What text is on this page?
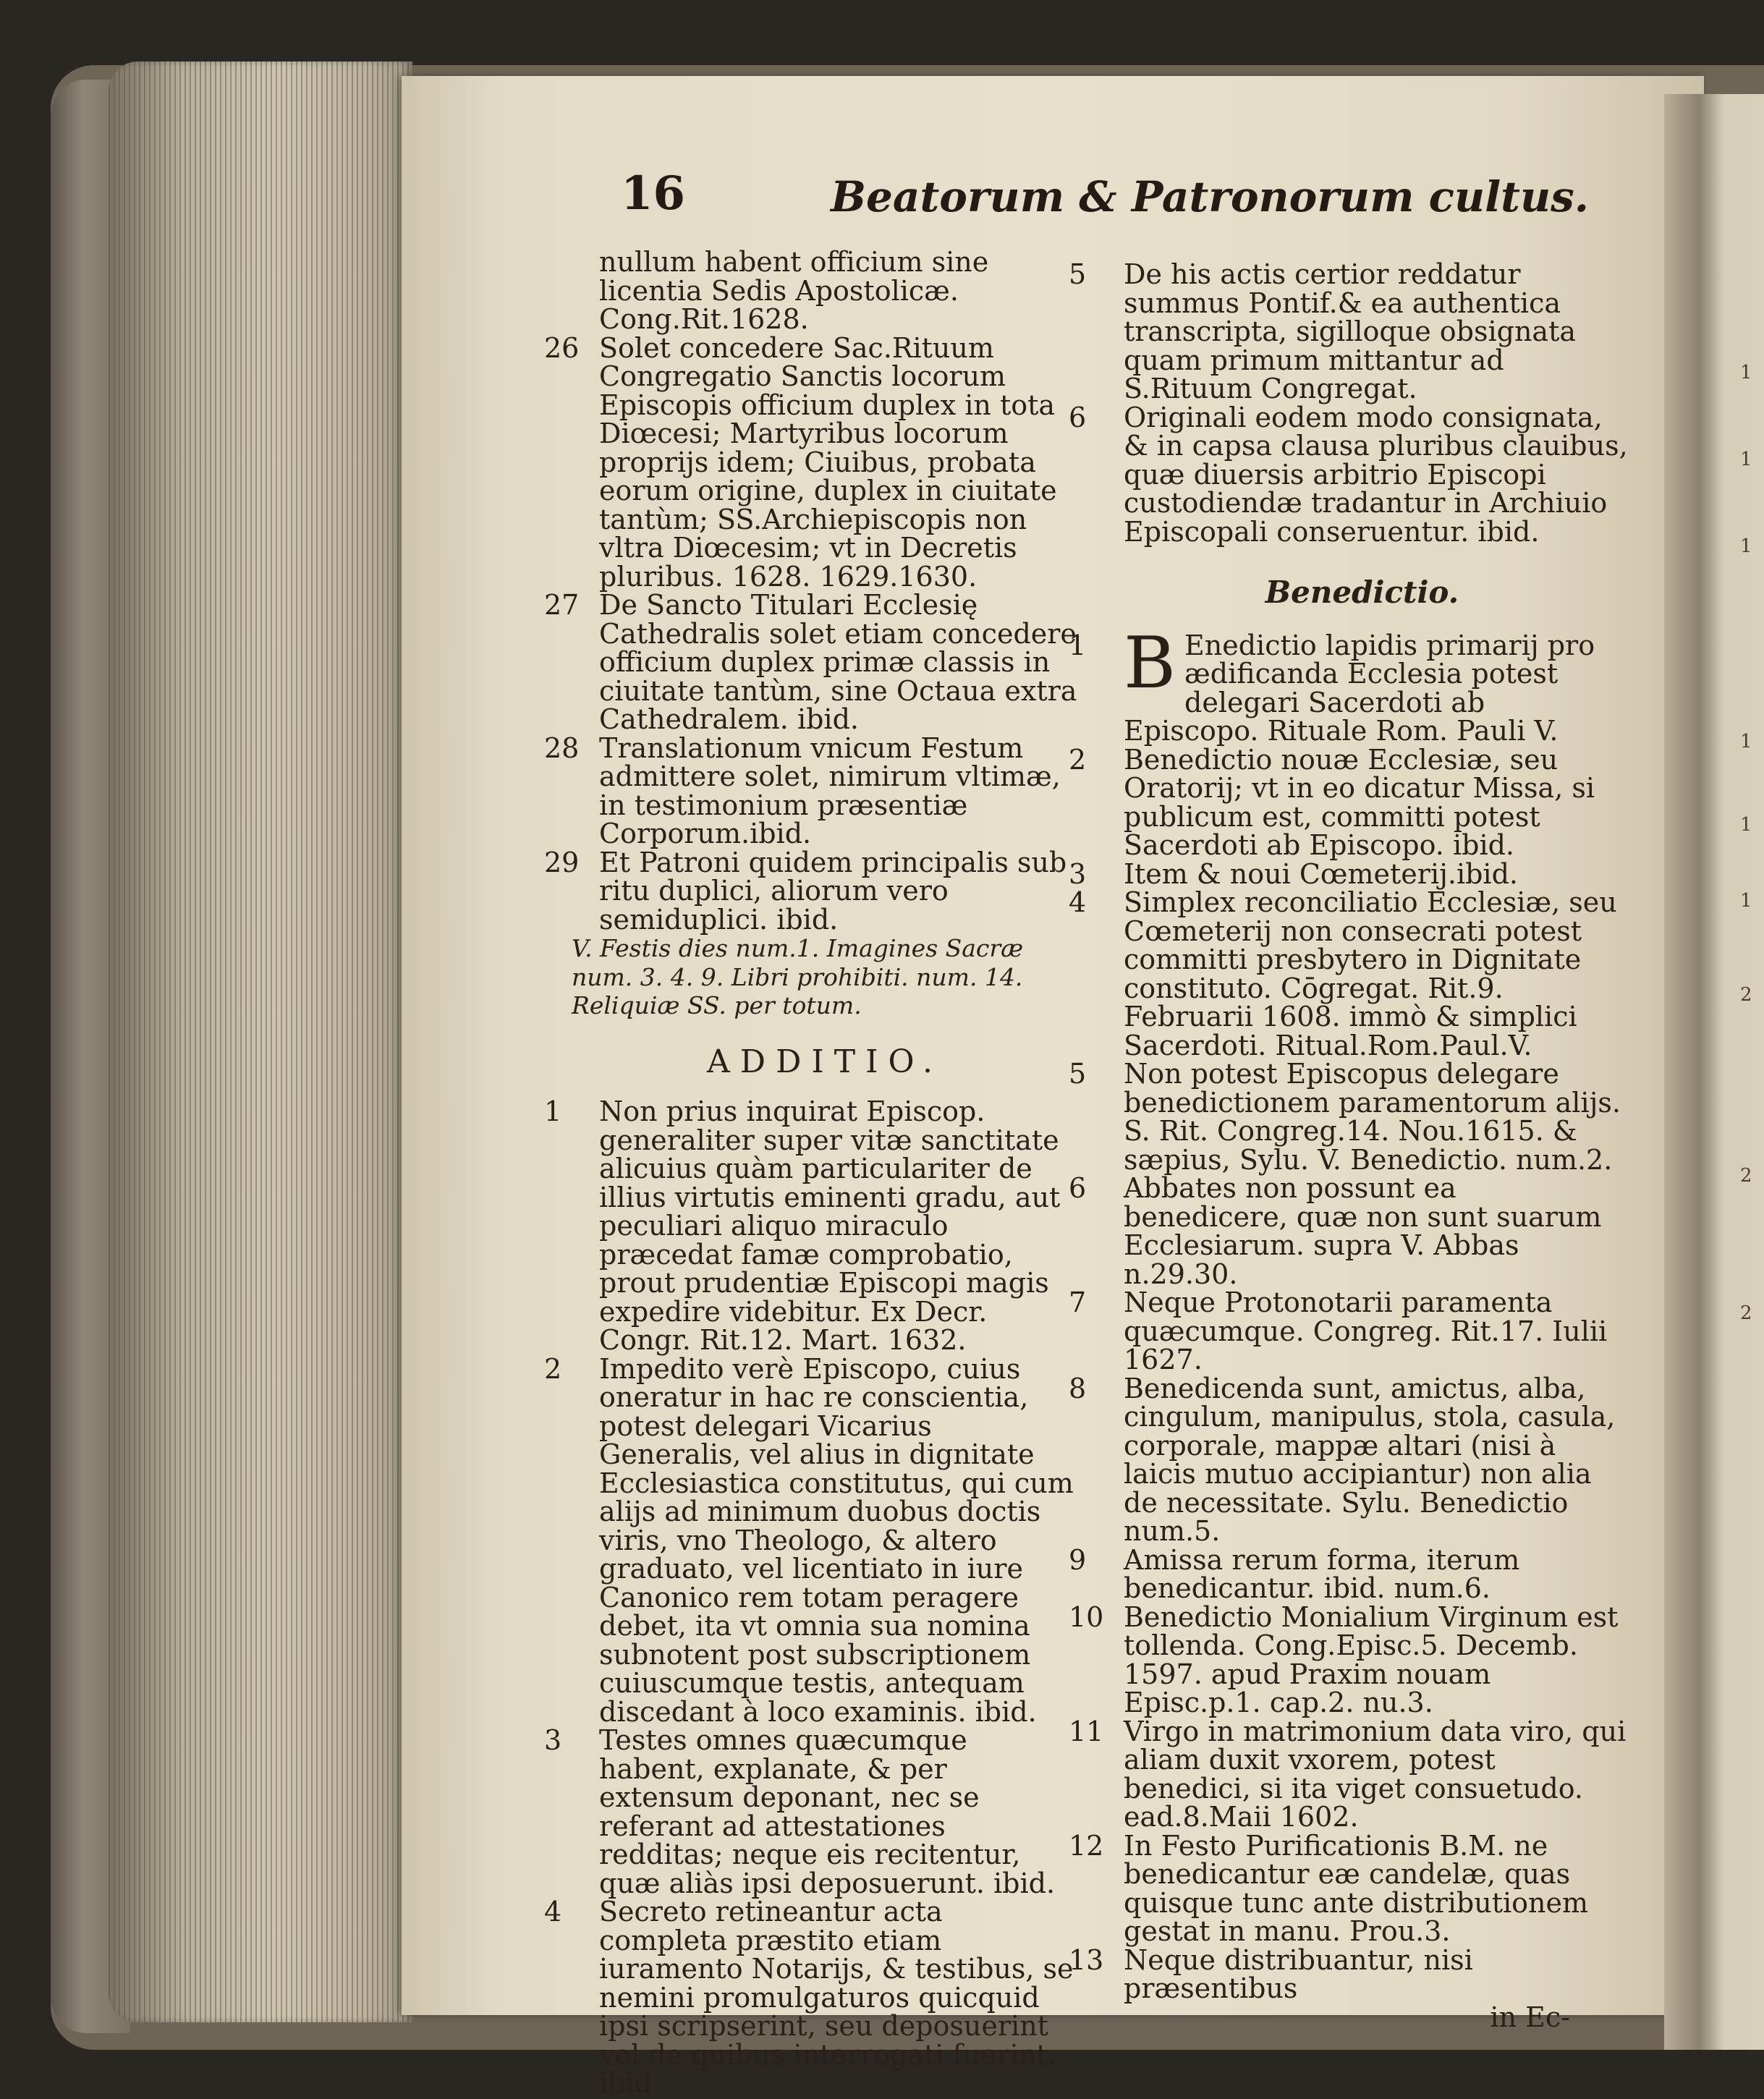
1
1
1
1
1
1
2
2
2
16	Beatorum & Patronorum cultus.

nullum habent officium sine licentia Sedis Apostolicæ. Cong.Rit.1628.

26 Solet concedere Sac.Rituum Congregatio Sanctis locorum Episcopis officium duplex in tota Diœcesi; Martyribus locorum proprijs idem; Ciuibus, probata eorum origine, duplex in ciuitate tantùm; SS.Archiepiscopis non vltra Diœcesim; vt in Decretis pluribus. 1628. 1629.1630.

27 De Sancto Titulari Ecclesię Cathedralis solet etiam concedere officium duplex primæ classis in ciuitate tantùm, sine Octaua extra Cathedralem. ibid.

28 Translationum vnicum Festum admittere solet, nimirum vltimæ, in testimonium præsentiæ Corporum.ibid.

29 Et Patroni quidem principalis sub ritu duplici, aliorum vero semiduplici. ibid.

V. Festis dies num.1. Imagines Sacræ num. 3. 4. 9. Libri prohibiti. num. 14. Reliquiæ SS. per totum.

ADDITIO.

1	Non prius inquirat Episcop. generaliter super vitæ sanctitate alicuius quàm particulariter de illius virtutis eminenti gradu, aut peculiari aliquo miraculo præcedat famæ comprobatio, prout prudentiæ Episcopi magis expedire videbitur. Ex Decr. Congr. Rit.12. Mart. 1632.

2	Impedito verè Episcopo, cuius oneratur in hac re conscientia, potest delegari Vicarius Generalis, vel alius in dignitate Ecclesiastica constitutus, qui cum alijs ad minimum duobus doctis viris, vno Theologo, & altero graduato, vel licentiato in iure Canonico rem totam peragere debet, ita vt omnia sua nomina subnotent post subscriptionem cuiuscumque testis, antequam discedant à loco examinis. ibid.

3	Testes omnes quæcumque habent, explanate, & per extensum deponant, nec se referant ad attestationes redditas; neque eis recitentur, quæ aliàs ipsi deposuerunt. ibid.

4	Secreto retineantur acta completa præstito etiam iuramento Notarijs, & testibus, se nemini promulgaturos quicquid ipsi scripserint, seu deposuerint vel de quibus interrogati fuerint. ibid.

5	De his actis certior reddatur summus Pontif.& ea authentica transcripta, sigilloque obsignata quam primum mittantur ad S.Rituum Congregat.

6	Originali eodem modo consignata, & in capsa clausa pluribus clauibus, quæ diuersis arbitrio Episcopi custodiendæ tradantur in Archiuio Episcopali conseruentur. ibid.

Benedictio.

1 B Enedictio lapidis primarij pro ædificanda Ecclesia potest delegari Sacerdoti ab Episcopo. Rituale Rom. Pauli V.

2	Benedictio nouæ Ecclesiæ, seu Oratorij; vt in eo dicatur Missa, si publicum est, committi potest Sacerdoti ab Episcopo. ibid.

3	Item & noui Cœmeterij.ibid.

4	Simplex reconciliatio Ecclesiæ, seu Cœmeterij non consecrati potest committi presbytero in Dignitate constituto. Cōgregat. Rit.9. Februarii 1608. immò & simplici Sacerdoti. Ritual.Rom.Paul.V.

5	Non potest Episcopus delegare benedictionem paramentorum alijs. S. Rit. Congreg.14. Nou.1615. & sæpius, Sylu. V. Benedictio. num.2.

6	Abbates non possunt ea benedicere, quæ non sunt suarum Ecclesiarum. supra V. Abbas n.29.30.

7	Neque Protonotarii paramenta quæcumque. Congreg. Rit.17. Iulii 1627.

8	Benedicenda sunt, amictus, alba, cingulum, manipulus, stola, casula, corporale, mappæ altari (nisi à laicis mutuo accipiantur) non alia de necessitate. Sylu. Benedictio num.5.

9	Amissa rerum forma, iterum benedicantur. ibid. num.6.

10 Benedictio Monialium Virginum est tollenda. Cong.Episc.5. Decemb. 1597. apud Praxim nouam Episc.p.1. cap.2. nu.3.

11 Virgo in matrimonium data viro, qui aliam duxit vxorem, potest benedici, si ita viget consuetudo. ead.8.Maii 1602.

12 In Festo Purificationis B.M. ne benedicantur eæ candelæ, quas quisque tunc ante distributionem gestat in manu. Prou.3.

13 Neque distribuantur, nisi præsentibus

in Ec-
